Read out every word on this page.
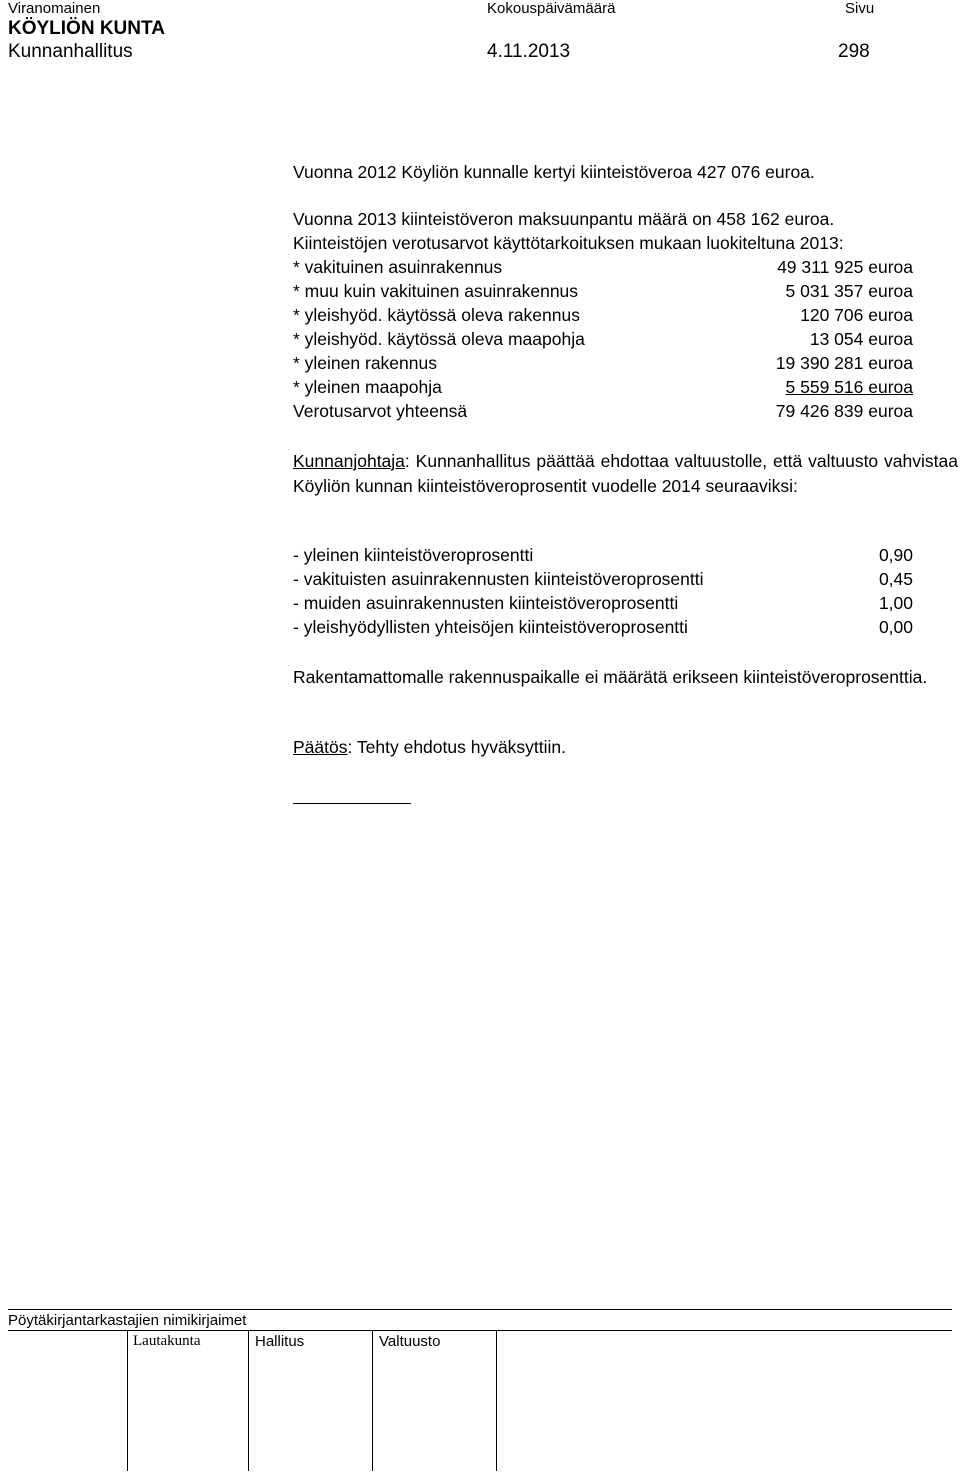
Viranomainen	Kokouspäivämäärä	Sivu
KÖYLIÖN KUNTA
Kunnanhallitus	4.11.2013	298
Vuonna 2012 Köyliön kunnalle kertyi kiinteistöveroa 427 076 euroa.
Vuonna 2013 kiinteistöveron maksuunpantu määrä on 458 162 euroa.
Kiinteistöjen verotusarvot käyttötarkoituksen mukaan luokiteltuna 2013:
* vakituinen asuinrakennus	49 311 925 euroa
* muu kuin vakituinen asuinrakennus	5 031 357 euroa
* yleishyöd. käytössä oleva rakennus	120 706 euroa
* yleishyöd. käytössä oleva maapohja	13 054 euroa
* yleinen rakennus	19 390 281 euroa
* yleinen maapohja	5 559 516 euroa
Verotusarvot yhteensä	79 426 839 euroa
Kunnanjohtaja: Kunnanhallitus päättää ehdottaa valtuustolle, että valtuusto vahvistaa Köyliön kunnan kiinteistöveroprosentit vuodelle 2014 seuraaviksi:
- yleinen kiinteistöveroprosentti	0,90
- vakituisten asuinrakennusten kiinteistöveroprosentti	0,45
- muiden asuinrakennusten kiinteistöveroprosentti	1,00
- yleishyödyllisten yhteisöjen kiinteistöveroprosentti	0,00
Rakentamattomalle rakennuspaikalle ei määrätä erikseen kiinteistöveroprosenttia.
Päätös: Tehty ehdotus hyväksyttiin.
Pöytäkirjantarkastajien nimikirjaimet
Lautakunta	Hallitus	Valtuusto
